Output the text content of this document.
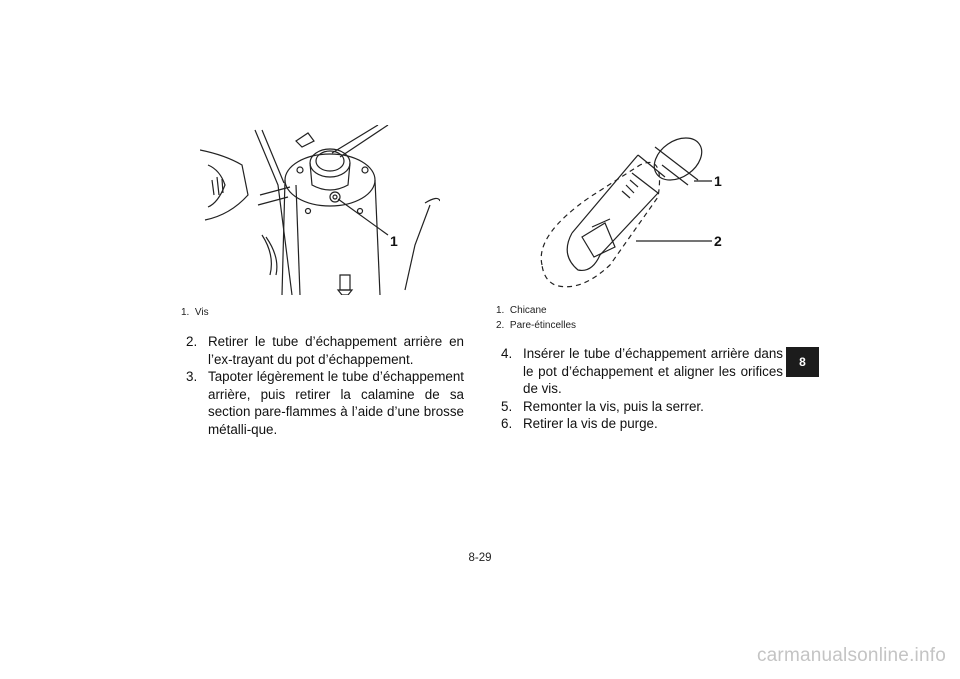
1
1. Vis
2. Retirer le tube d’échappement arrière en l’ex-trayant du pot d’échappement.
3. Tapoter légèrement le tube d’échappement arrière, puis retirer la calamine de sa section pare-flammes à l’aide d’une brosse métalli-que.
1
2
1. Chicane
2. Pare-étincelles
4. Insérer le tube d’échappement arrière dans le pot d’échappement et aligner les orifices de vis.
5. Remonter la vis, puis la serrer.
6. Retirer la vis de purge.
8
8-29
carmanualsonline.info
